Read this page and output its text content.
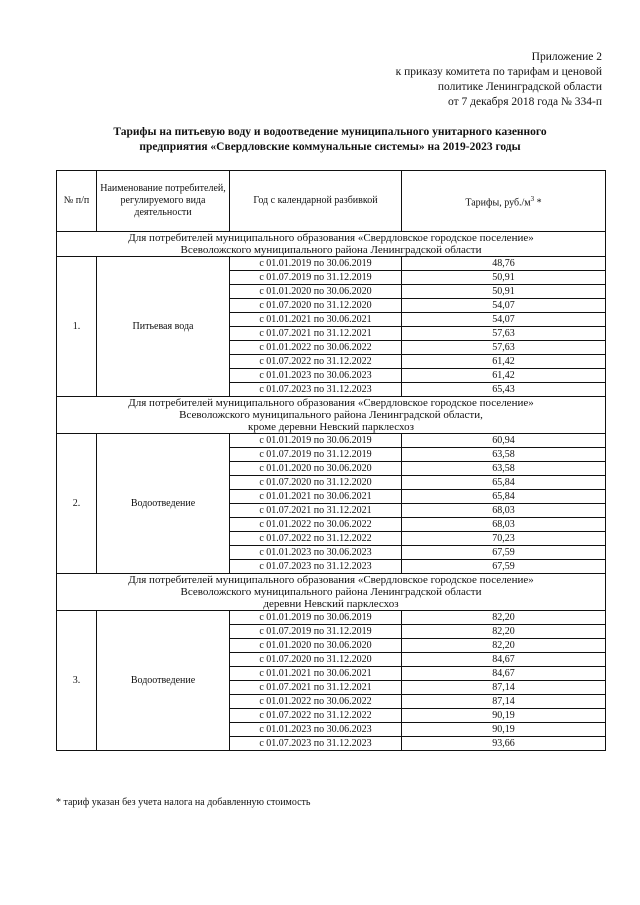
Приложение 2
к приказу комитета по тарифам и ценовой
политике Ленинградской области
от 7 декабря 2018 года № 334-п
Тарифы на питьевую воду и водоотведение муниципального унитарного казенного
предприятия «Свердловские коммунальные системы» на 2019-2023 годы
№ п/п	Наименование потребителей, регулируемого вида деятельности	Год с календарной разбивкой	Тарифы, $руб./м^3$ *

Для потребителей муниципального образования «Свердловское городское поселение»
Всеволожского муниципального района Ленинградской области			

1.	Питьевая вода	с 01.01.2019 по 30.06.2019	48,76
		с 01.07.2019 по 31.12.2019	50,91
		с 01.01.2020 по 30.06.2020	50,91
		с 01.07.2020 по 31.12.2020	54,07
		с 01.01.2021 по 30.06.2021	54,07
		с 01.07.2021 по 31.12.2021	57,63
		с 01.01.2022 по 30.06.2022	57,63
		с 01.07.2022 по 31.12.2022	61,42
		с 01.01.2023 по 30.06.2023	61,42
		с 01.07.2023 по 31.12.2023	65,43

Для потребителей муниципального образования «Свердловское городское поселение»
Всеволожского муниципального района Ленинградской области,
кроме деревни Невский парклесхоз			

2.	Водоотведение	с 01.01.2019 по 30.06.2019	60,94
		с 01.07.2019 по 31.12.2019	63,58
		с 01.01.2020 по 30.06.2020	63,58
		с 01.07.2020 по 31.12.2020	65,84
		с 01.01.2021 по 30.06.2021	65,84
		с 01.07.2021 по 31.12.2021	68,03
		с 01.01.2022 по 30.06.2022	68,03
		с 01.07.2022 по 31.12.2022	70,23
		с 01.01.2023 по 30.06.2023	67,59
		с 01.07.2023 по 31.12.2023	67,59

Для потребителей муниципального образования «Свердловское городское поселение»
Всеволожского муниципального района Ленинградской области
деревни Невский парклесхоз			

3.	Водоотведение	с 01.01.2019 по 30.06.2019	82,20
		с 01.07.2019 по 31.12.2019	82,20
		с 01.01.2020 по 30.06.2020	82,20
		с 01.07.2020 по 31.12.2020	84,67
		с 01.01.2021 по 30.06.2021	84,67
		с 01.07.2021 по 31.12.2021	87,14
		с 01.01.2022 по 30.06.2022	87,14
		с 01.07.2022 по 31.12.2022	90,19
		с 01.01.2023 по 30.06.2023	90,19
		с 01.07.2023 по 31.12.2023	93,66
* тариф указан без учета налога на добавленную стоимость
